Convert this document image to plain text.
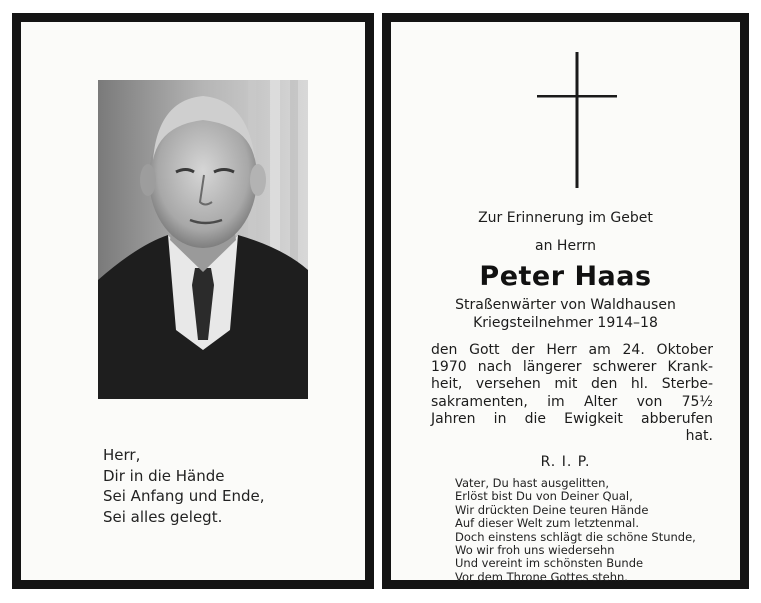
Herr,
Dir in die Hände
Sei Anfang und Ende,
Sei alles gelegt.
Zur Erinnerung im Gebet
an Herrn
Peter Haas
Straßenwärter von Waldhausen
Kriegsteilnehmer 1914–18
den Gott der Herr am 24. Oktober
1970 nach längerer schwerer Krank-
heit, versehen mit den hl. Sterbe-
sakramenten, im Alter von 75½
Jahren in die Ewigkeit abberufen
hat.
R. I. P.
Vater, Du hast ausgelitten,
Erlöst bist Du von Deiner Qual,
Wir drückten Deine teuren Hände
Auf dieser Welt zum letztenmal.
Doch einstens schlägt die schöne Stunde,
Wo wir froh uns wiedersehn
Und vereint im schönsten Bunde
Vor dem Throne Gottes stehn.
